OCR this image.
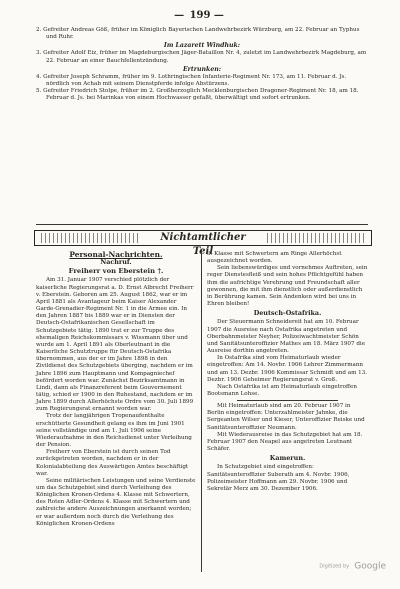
— 199 —

2. Gefreiter Andreas Göß, früher im Königlich Bayerischen Landwehrbezirk Würzburg, am 22. Februar an Typhus und Ruhr.

Im Lazarett Windhuk:

3. Gefreiter Adolf Eiz, früher im Magdeburgischen Jäger-Bataillon Nr. 4, zuletzt im Landwehrbezirk Magdeburg, am 22. Februar an einer Bauchfellentzündung.

Ertrunken:

4. Gefreiter Joseph Schramm, früher im 9. Lothringischen Infanterie-Regiment Nr. 173, am 11. Februar d. Js. nördlich von Achab mit seinem Dienstpferde infolge Abstürzens.

5. Gefreiter Friedrich Stolpe, früher im 2. Großherzoglich Mecklenburgischen Dragoner-Regiment Nr. 18, am 18. Februar d. Js. bei Marinkas von einem Hochwasser gefaßt, überwältigt und sofort ertrunken.

Nichtamtlicher Teil

Personal-Nachrichten.

Nachruf.

Freiherr von Eberstein †.

Am 31. Januar 1907 verschied plötzlich der kaiserliche Regierungsrat a. D. Ernst Albrecht Freiherr v. Eberstein. Geboren am 25. August 1862, war er im April 1881 als Avantageur beim Kaiser Alexander Garde-Grenadier-Regiment Nr. 1 in die Armee ein. In den Jahren 1887 bis 1889 war er in Diensten der Deutsch-Ostafrikanischen Gesellschaft im Schutzgebiete tätig. 1890 trat er zur Truppe des ehemaligen Reichskommissars v. Wissmann über und wurde am 1. April 1891 als Oberleutnant in die Kaiserliche Schutztruppe für Deutsch-Ostafrika übernommen, aus der er im Jahre 1898 in den Zivildienst des Schutzgebiets überging, nachdem er im Jahre 1896 zum Hauptmann und Kompagniechef befördert worden war. Zunächst Bezirksamtmann in Lindi, dann als Finanzreferent beim Gouvernement tätig, schied er 1900 in den Ruhestand, nachdem er im Jahre 1899 durch Allerhöchste Ordre vom 30. Juli 1899 zum Regierungsrat ernannt worden war.

Trotz der langjährigen Tropenaufenthalte erschütterte Gesundheit gelang es ihm im Juni 1901 seine vollständige und am 1. Juli 1906 seine Wiederaufnahme in den Reichsdienst unter Verleihung der Pension.

Freiherr von Eberstein ist durch seinen Tod zurückgetreten worden, nachdem er in der Kolonialabteilung des Auswärtigen Amtes beschäftigt war.

Seine militärischen Leistungen und seine Verdienste um das Schutzgebiet sind durch Verleihung des Königlichen Kronen-Ordens 4. Klasse mit Schwertern, des Roten Adler-Ordens 4. Klasse mit Schwertern und zahlreiche andere Auszeichnungen anerkannt worden; er war außerdem noch durch die Verleihung des Königlichen Kronen-Ordens

3. Klasse mit Schwertern am Ringe Allerhöchst ausgezeichnet worden.

Sein liebenswürdiges und vornehmes Auftreten, sein reger Dienstesfleiß und sein hohes Pflichtgefühl haben ihm die aufrichtige Verehrung und Freundschaft aller gewonnen, die mit ihm dienstlich oder außerdienstlich in Berührung kamen. Sein Andenken wird bei uns in Ehren bleiben!

Deutsch-Ostafrika.

Der Steuermann Schneidereit hat am 10. Februar 1907 die Ausreise nach Ostafrika angetreten und Oberbahnmeister Neyher, Polizeiwachtmeister Schön und Sanitätsunteroffizier Mathes am 18. März 1907 die Ausreise dorthin angetreten.

In Ostafrika sind vom Heimaturlaub wieder eingetroffen: Am 14. Novbr. 1906 Lehrer Zimmermann und am 13. Dezbr. 1906 Kommissar Schmidt und am 13. Dezbr. 1906 Geheimer Regierungsrat v. Groß.

Nach Ostafrika ist am Heimaturlaub eingetroffen Bootsmann Lohse.

Mit Heimaturlaub sind am 20. Februar 1907 in Berlin eingetroffen: Unterzahlmeister Jahnke, die Sergeanten Wilser und Kieser, Unteroffizier Reiske und Sanitätsunteroffizier Neumann.

Mit Wiederausreise in das Schutzgebiet hat am 18. Februar 1907 den Neapel aus angetreten Leutnant Schäfer.

Kamerun.

In Schutzgebiet sind eingetroffen: Sanitätsunteroffizier Suberath am 4. Novbr. 1906, Polizeimeister Hoffmann am 29. Novbr. 1906 und Sekretär Merz am 30. Dezember 1906.

Digitized by Google
